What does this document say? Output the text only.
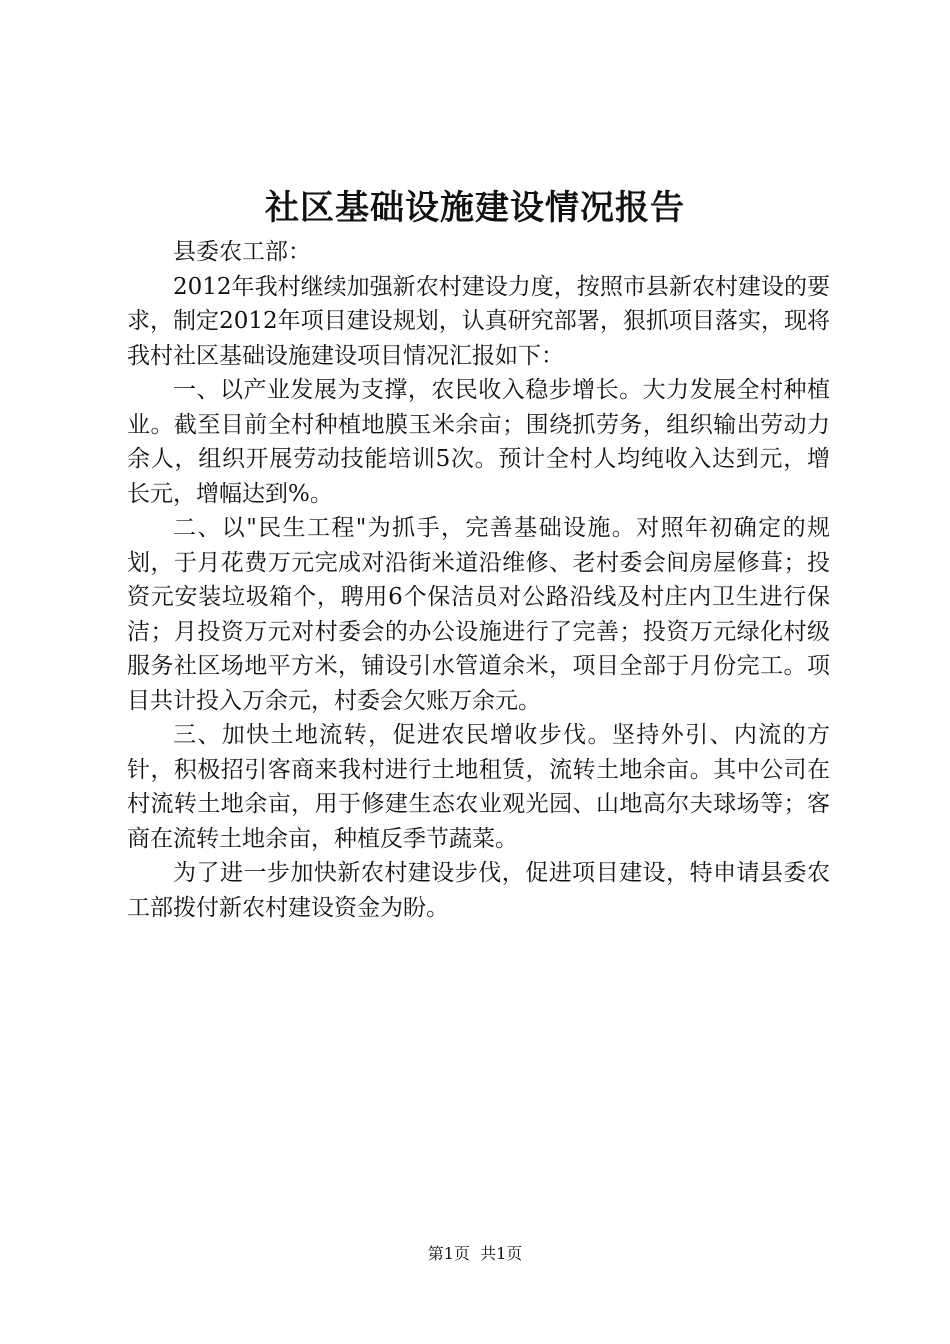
社区基础设施建设情况报告

县委农工部：

2012年我村继续加强新农村建设力度，按照市县新农村建设的要求，制定2012年项目建设规划，认真研究部署，狠抓项目落实，现将我村社区基础设施建设项目情况汇报如下：

一、以产业发展为支撑，农民收入稳步增长。大力发展全村种植业。截至目前全村种植地膜玉米余亩；围绕抓劳务，组织输出劳动力余人，组织开展劳动技能培训5次。预计全村人均纯收入达到元，增长元，增幅达到%。

二、以"民生工程"为抓手，完善基础设施。对照年初确定的规划，于月花费万元完成对沿街米道沿维修、老村委会间房屋修葺；投资元安装垃圾箱个，聘用6个保洁员对公路沿线及村庄内卫生进行保洁；月投资万元对村委会的办公设施进行了完善；投资万元绿化村级服务社区场地平方米，铺设引水管道余米，项目全部于月份完工。项目共计投入万余元，村委会欠账万余元。

三、加快土地流转，促进农民增收步伐。坚持外引、内流的方针，积极招引客商来我村进行土地租赁，流转土地余亩。其中公司在村流转土地余亩，用于修建生态农业观光园、山地高尔夫球场等；客商在流转土地余亩，种植反季节蔬菜。

为了进一步加快新农村建设步伐，促进项目建设，特申请县委农工部拨付新农村建设资金为盼。

第1页  共1页
